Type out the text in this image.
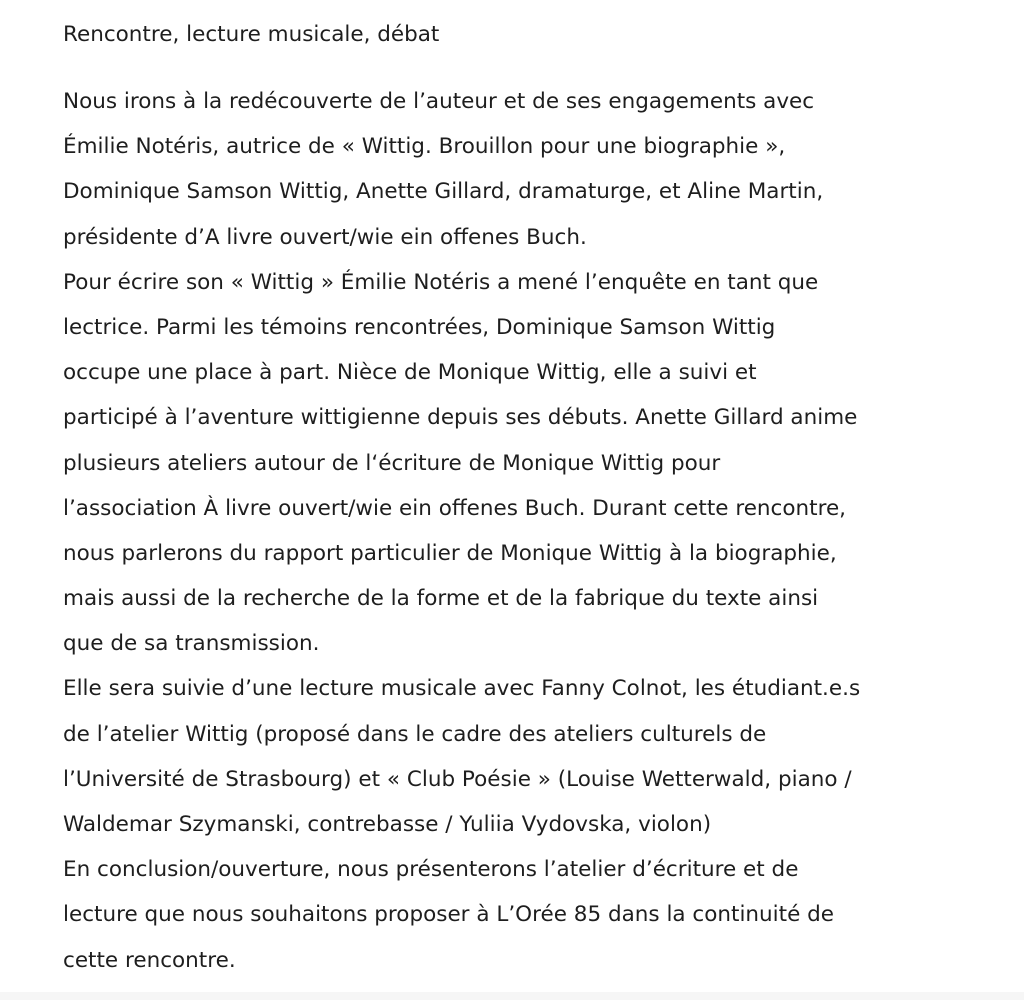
Rencontre, lecture musicale, débat
Nous irons à la redécouverte de l’auteur et de ses engagements avec
Émilie Notéris, autrice de « Wittig. Brouillon pour une biographie »,
Dominique Samson Wittig, Anette Gillard, dramaturge, et Aline Martin,
présidente d’A livre ouvert/wie ein offenes Buch.
Pour écrire son « Wittig » Émilie Notéris a mené l’enquête en tant que
lectrice. Parmi les témoins rencontrées, Dominique Samson Wittig
occupe une place à part. Nièce de Monique Wittig, elle a suivi et
participé à l’aventure wittigienne depuis ses débuts. Anette Gillard anime
plusieurs ateliers autour de l‘écriture de Monique Wittig pour
l’association À livre ouvert/wie ein offenes Buch. Durant cette rencontre,
nous parlerons du rapport particulier de Monique Wittig à la biographie,
mais aussi de la recherche de la forme et de la fabrique du texte ainsi
que de sa transmission.
Elle sera suivie d’une lecture musicale avec Fanny Colnot, les étudiant.e.s
de l’atelier Wittig (proposé dans le cadre des ateliers culturels de
l’Université de Strasbourg) et « Club Poésie » (Louise Wetterwald, piano /
Waldemar Szymanski, contrebasse / Yuliia Vydovska, violon)
En conclusion/ouverture, nous présenterons l’atelier d’écriture et de
lecture que nous souhaitons proposer à L’Orée 85 dans la continuité de
cette rencontre.
